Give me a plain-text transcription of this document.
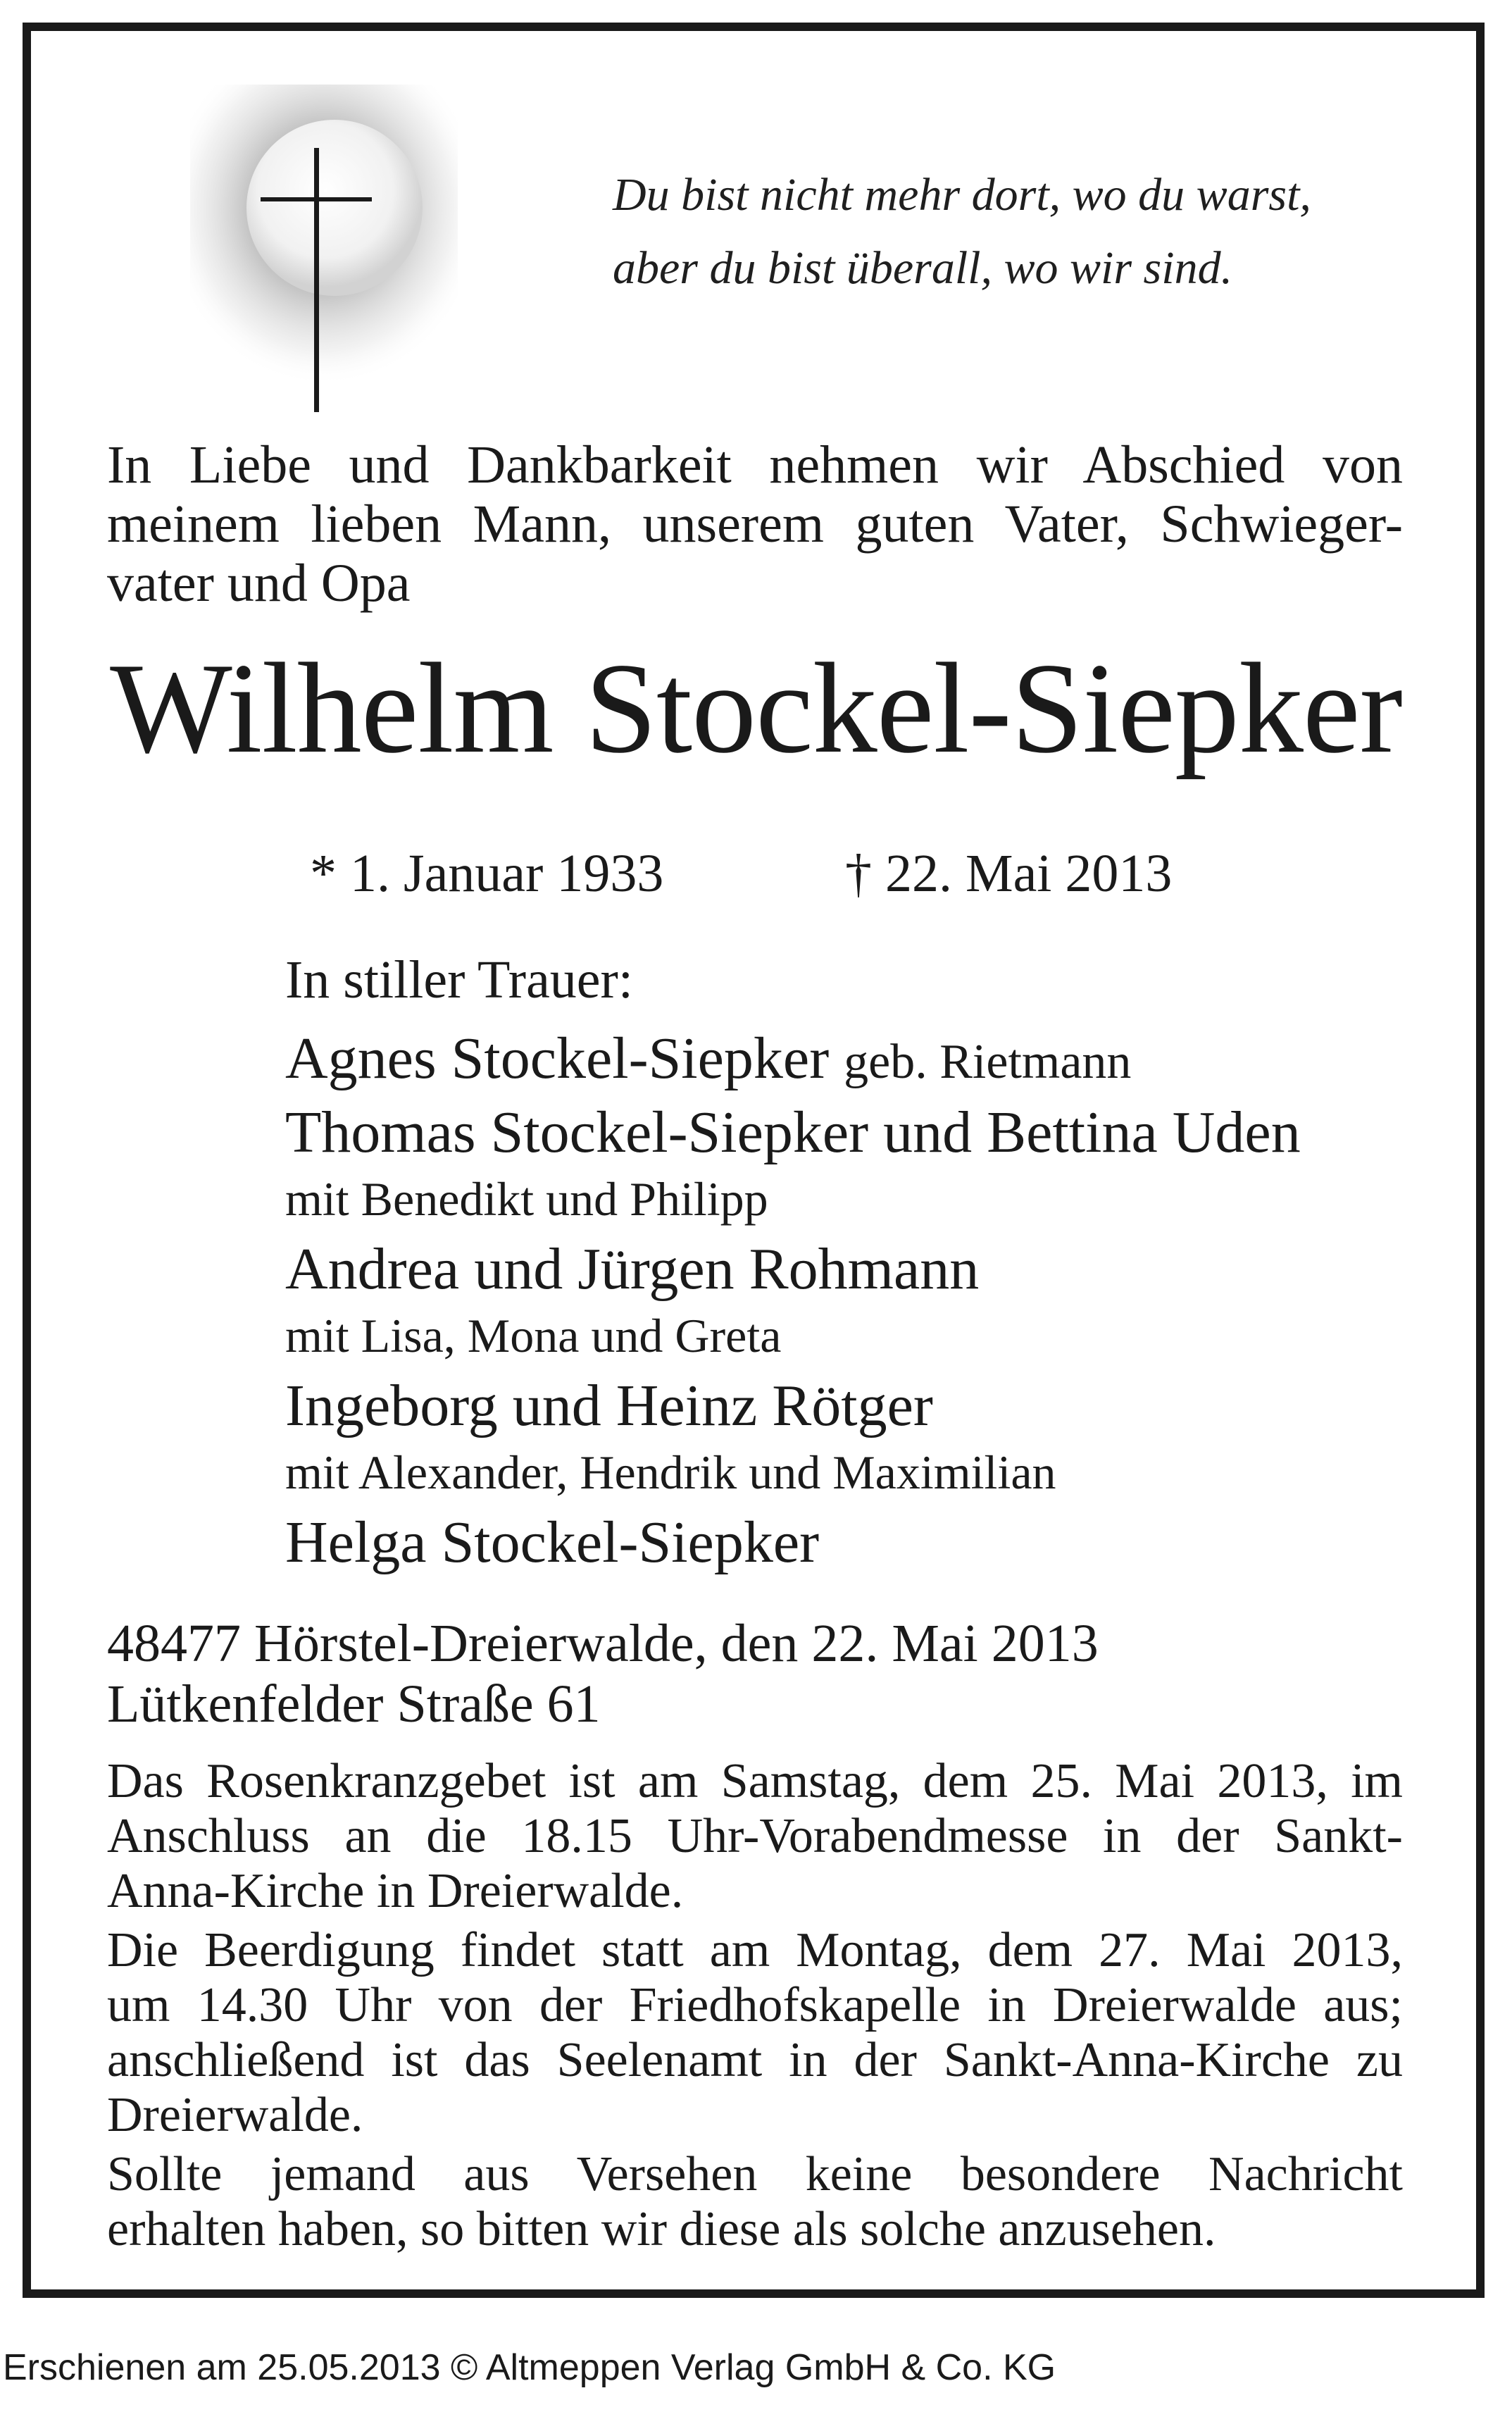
Du bist nicht mehr dort, wo du warst,
aber du bist überall, wo wir sind.
In Liebe und Dankbarkeit nehmen wir Abschied von
meinem lieben Mann, unserem guten Vater, Schwieger-
vater und Opa
Wilhelm Stockel-Siepker
* 1. Januar 1933	† 22. Mai 2013
In stiller Trauer:
Agnes Stockel-Siepker geb. Rietmann
Thomas Stockel-Siepker und Bettina Uden
mit Benedikt und Philipp
Andrea und Jürgen Rohmann
mit Lisa, Mona und Greta
Ingeborg und Heinz Rötger
mit Alexander, Hendrik und Maximilian
Helga Stockel-Siepker
48477 Hörstel-Dreierwalde, den 22. Mai 2013
Lütkenfelder Straße 61

Das Rosenkranzgebet ist am Samstag, dem 25. Mai 2013, im
Anschluss an die 18.15 Uhr-Vorabendmesse in der Sankt-
Anna-Kirche in Dreierwalde.

Die Beerdigung findet statt am Montag, dem 27. Mai 2013,
um 14.30 Uhr von der Friedhofskapelle in Dreierwalde aus;
anschließend ist das Seelenamt in der Sankt-Anna-Kirche zu
Dreierwalde.

Sollte jemand aus Versehen keine besondere Nachricht
erhalten haben, so bitten wir diese als solche anzusehen.

Erschienen am 25.05.2013 © Altmeppen Verlag GmbH & Co. KG
